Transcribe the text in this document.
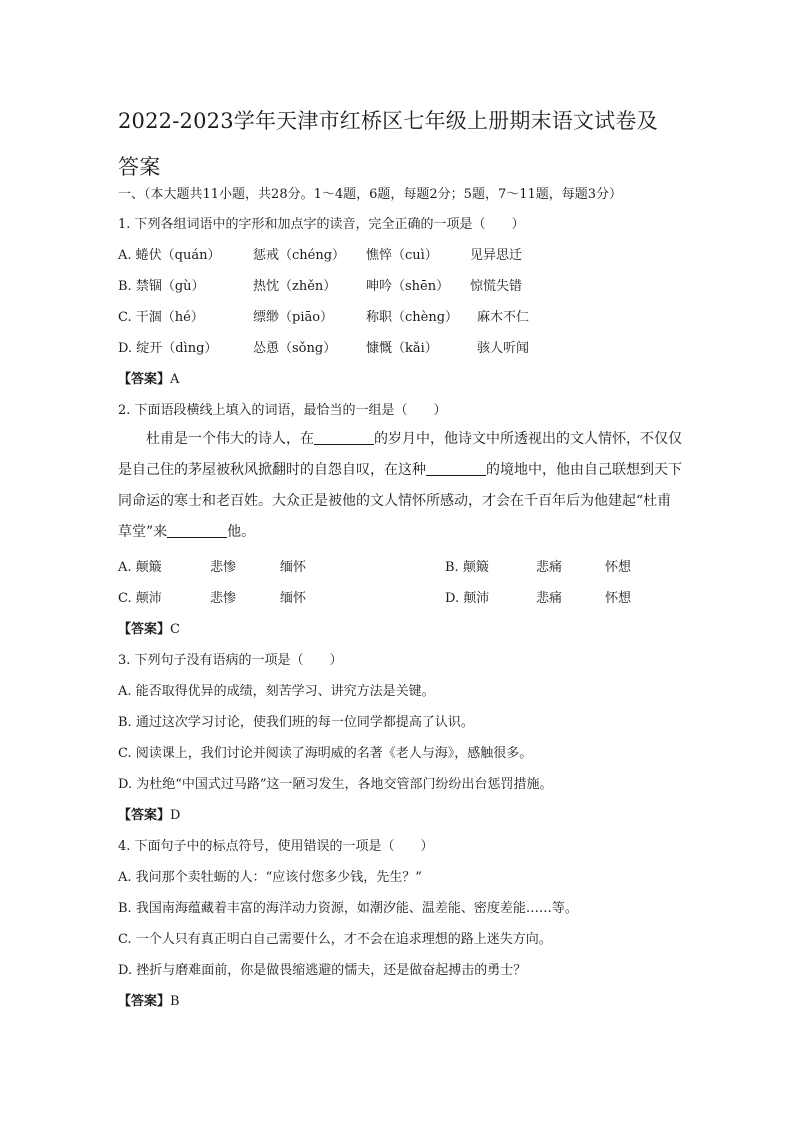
2022-2023学年天津市红桥区七年级上册期末语文试卷及答案
一、（本大题共11小题，共28分。1～4题，6题，每题2分；5题，7～11题，每题3分）
1. 下列各组词语中的字形和加点字的读音，完全正确的一项是（　　）
A. 蜷伏（quán）	惩戒（chéng） 憔悴（cuì） 见异思迁
B. 禁锢（gù）	热忱（zhěn） 呻吟（shēn） 惊慌失错
C. 干涸（hé）	缥缈（piāo）	称职（chèng） 麻木不仁
D. 绽开（dìng）	怂恿（sǒng） 慷慨（kǎi）	骇人听闻
【答案】A
2. 下面语段横线上填入的词语，最恰当的一组是（　　）
杜甫是一个伟大的诗人，在	的岁月中，他诗文中所透视出的文人情怀，不仅仅是自己住的茅屋被秋风掀翻时的自怨自叹，在这种	的境地中，他由自己联想到天下同命运的寒士和老百姓。大众正是被他的文人情怀所感动，才会在千百年后为他建起“杜甫草堂”来	他。
A. 颠簸	悲惨	缅怀	B. 颠簸	悲痛	怀想
C. 颠沛	悲惨	缅怀	D. 颠沛	悲痛	怀想
【答案】C
3. 下列句子没有语病的一项是（　　）
A. 能否取得优异的成绩，刻苦学习、讲究方法是关键。
B. 通过这次学习讨论，使我们班的每一位同学都提高了认识。
C. 阅读课上，我们讨论并阅读了海明威的名著《老人与海》，感触很多。
D. 为杜绝“中国式过马路”这一陋习发生，各地交管部门纷纷出台惩罚措施。
【答案】D
4. 下面句子中的标点符号，使用错误的一项是（　　）
A. 我问那个卖牡蛎的人：“应该付您多少钱，先生？”
B. 我国南海蕴藏着丰富的海洋动力资源，如潮汐能、温差能、密度差能……等。
C. 一个人只有真正明白自己需要什么，才不会在追求理想的路上迷失方向。
D. 挫折与磨难面前，你是做畏缩逃避的懦夫，还是做奋起搏击的勇士？
【答案】B
